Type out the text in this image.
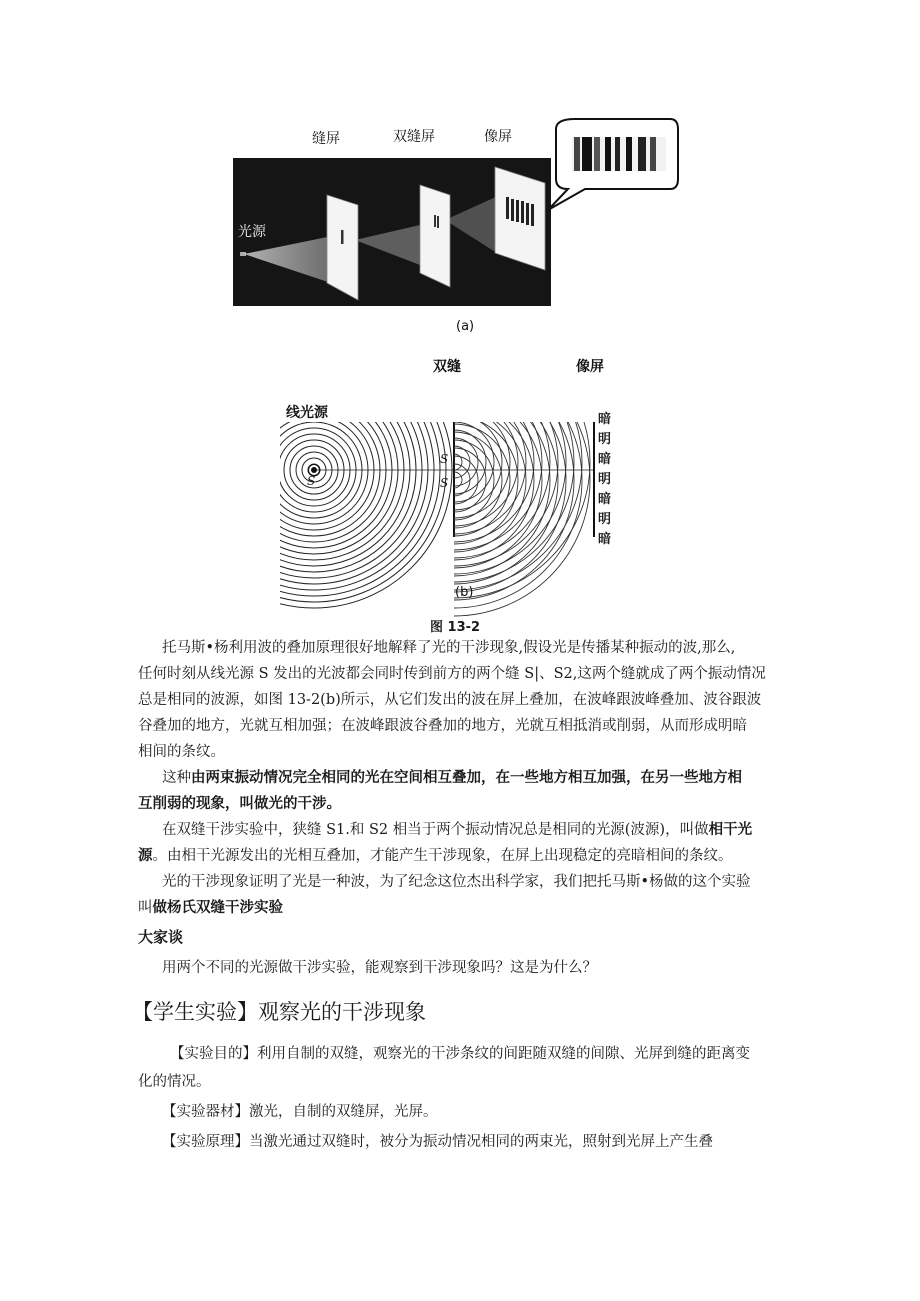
缝屏	双缝屏	像屏
光源
(a)
双缝	像屏
线光源
S
S
S
暗
明
暗
明
暗
明
暗
(b)
图 13-2
托马斯•杨利用波的叠加原理很好地解释了光的干涉现象,假设光是传播某种振动的波,那么,
任何时刻从线光源 S 发出的光波都会同时传到前方的两个缝 S|、S2,这两个缝就成了两个振动情况
总是相同的波源，如图 13-2(b)所示，从它们发出的波在屏上叠加，在波峰跟波峰叠加、波谷跟波
谷叠加的地方，光就互相加强；在波峰跟波谷叠加的地方，光就互相抵消或削弱，从而形成明暗
相间的条纹。
这种由两束振动情况完全相同的光在空间相互叠加，在一些地方相互加强，在另一些地方相
互削弱的现象，叫做光的干涉。
在双缝干涉实验中，狭缝 S1.和 S2 相当于两个振动情况总是相同的光源(波源)，叫做相干光
源。由相干光源发出的光相互叠加，才能产生干涉现象，在屏上出现稳定的亮暗相间的条纹。
光的干涉现象证明了光是一种波，为了纪念这位杰出科学家，我们把托马斯•杨做的这个实验
叫做杨氏双缝干涉实验
大家谈
用两个不同的光源做干涉实验，能观察到干涉现象吗？这是为什么？
【学生实验】观察光的干涉现象
【实验目的】利用自制的双缝，观察光的干涉条纹的间距随双缝的间隙、光屏到缝的距离变
化的情况。
【实验器材】激光，自制的双缝屏，光屏。
【实验原理】当激光通过双缝时，被分为振动情况相同的两束光，照射到光屏上产生叠
